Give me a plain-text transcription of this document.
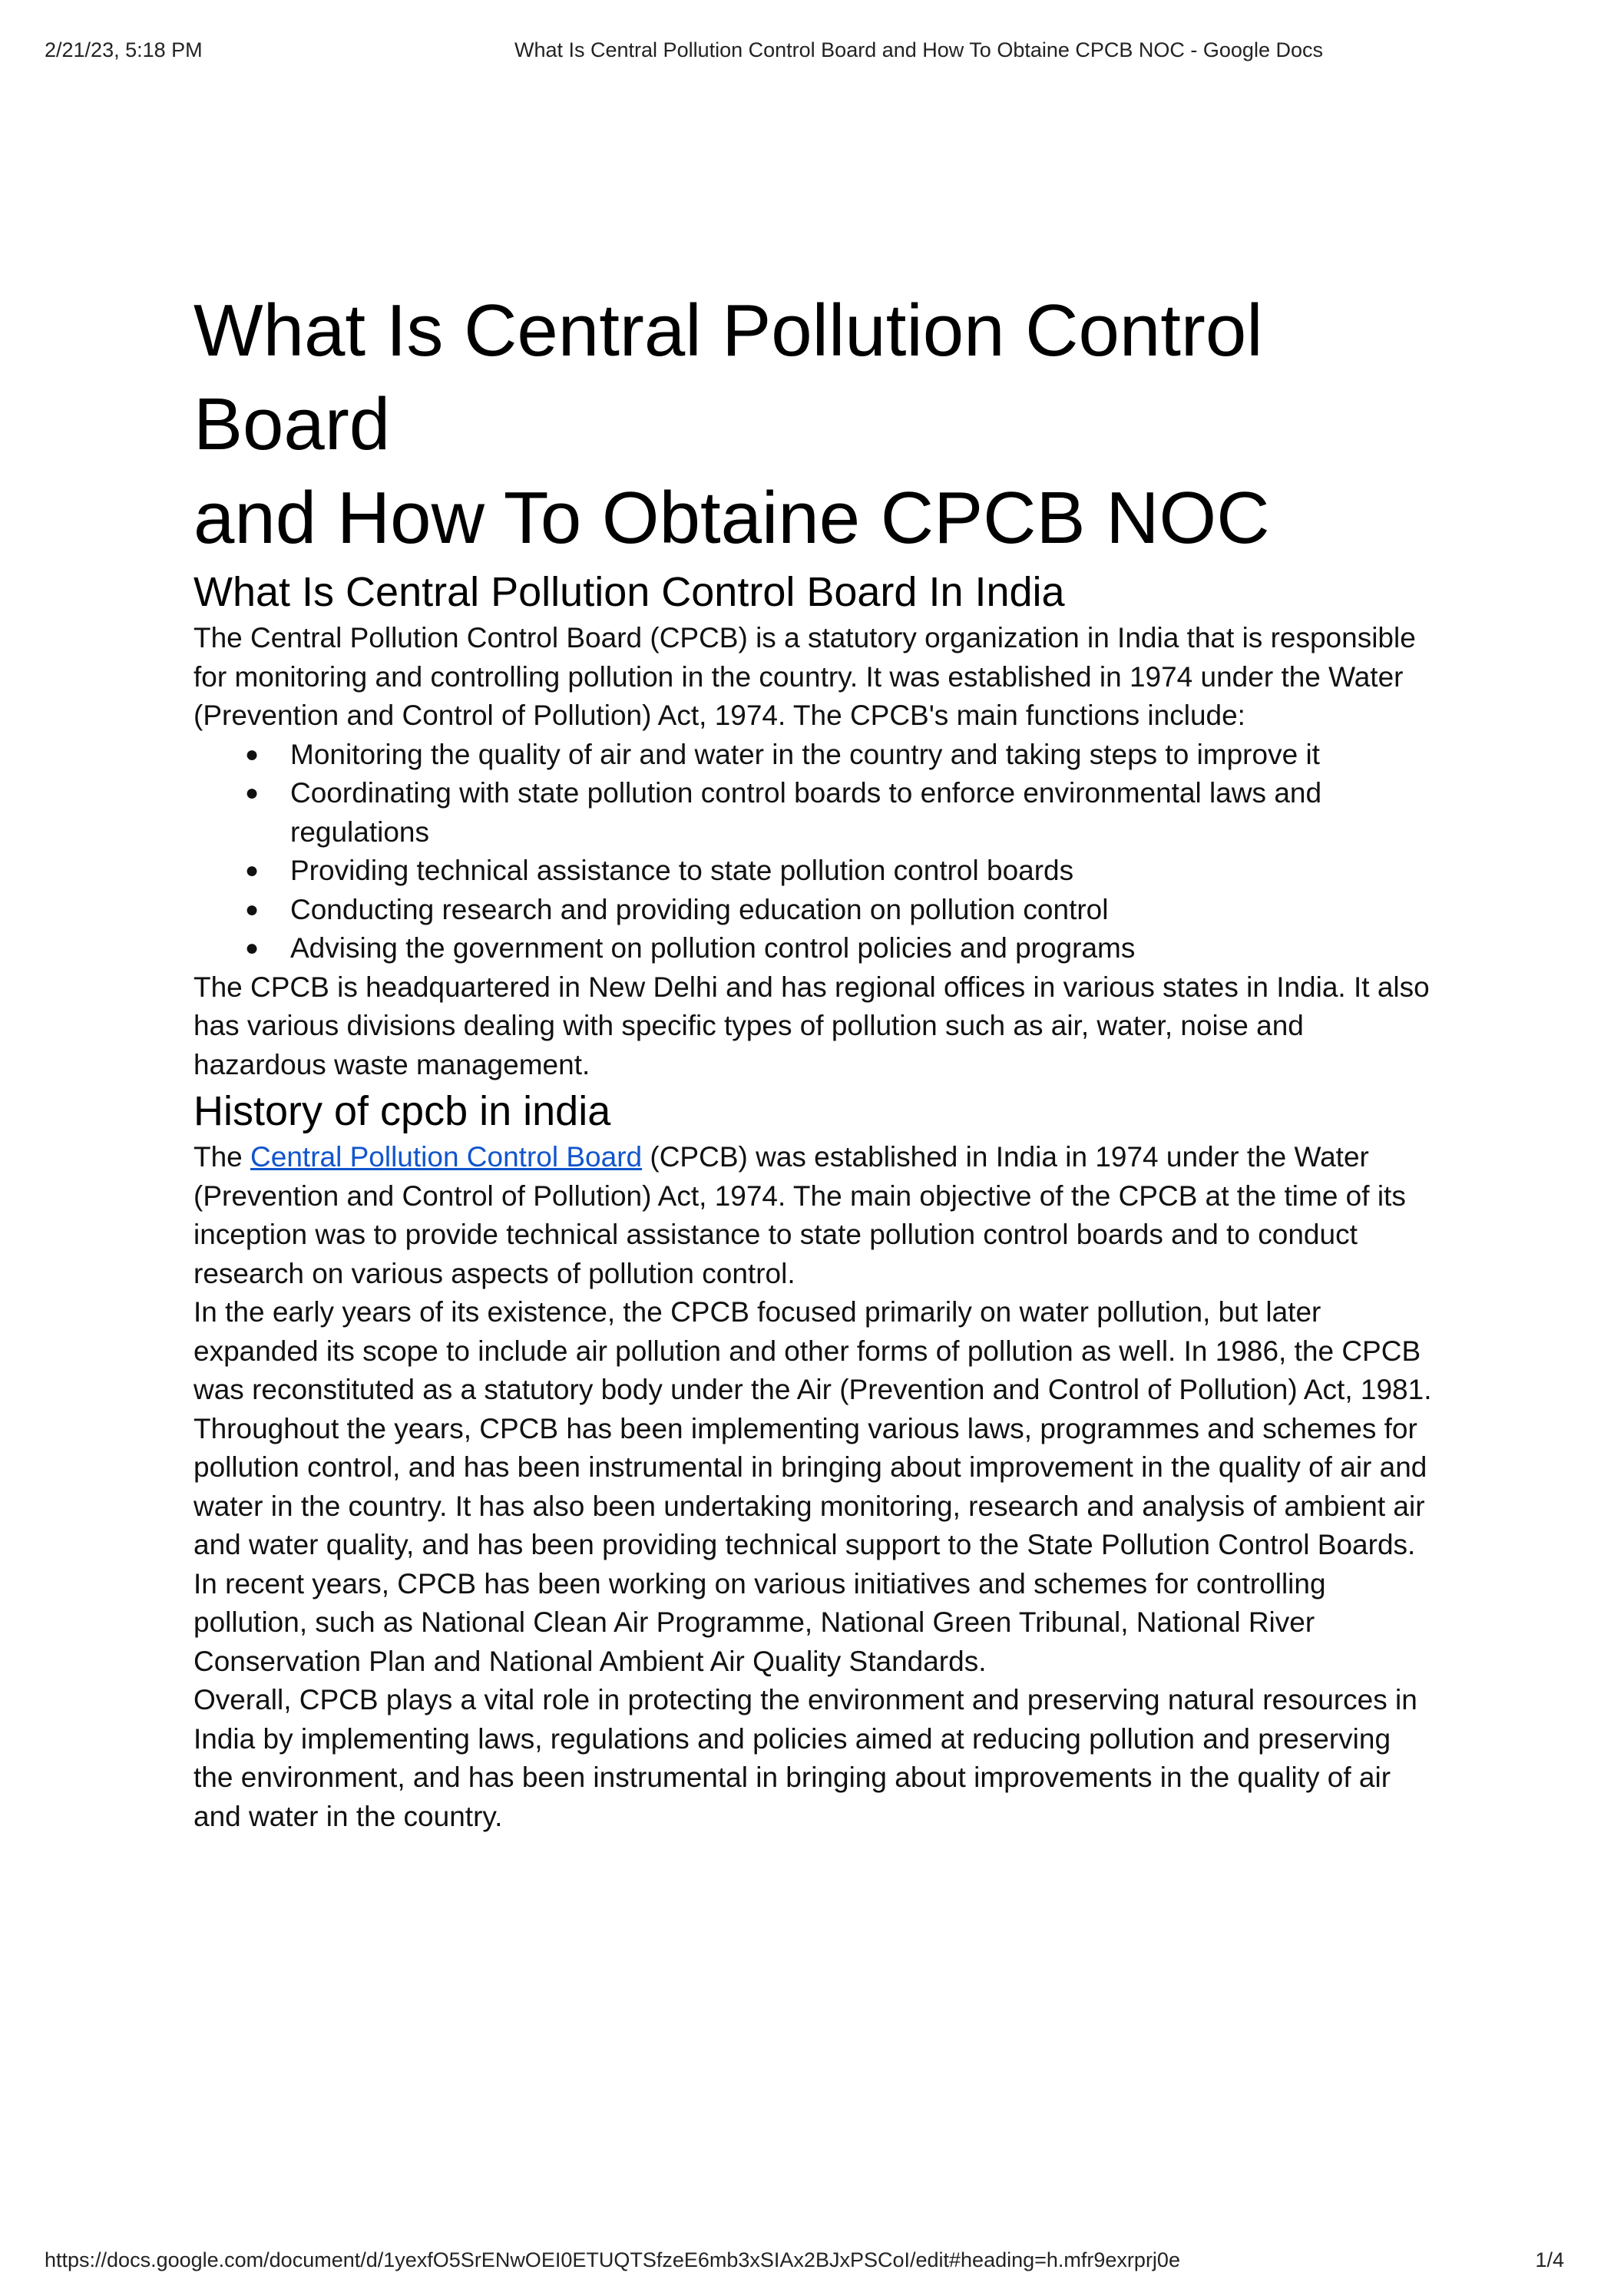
2/21/23, 5:18 PM	What Is Central Pollution Control Board and How To Obtaine CPCB NOC - Google Docs
What Is Central Pollution Control Board
and How To Obtaine CPCB NOC
What Is Central Pollution Control Board In India

The Central Pollution Control Board (CPCB) is a statutory organization in India that is responsible for monitoring and controlling pollution in the country. It was established in 1974 under the Water (Prevention and Control of Pollution) Act, 1974. The CPCB's main functions include:

● Monitoring the quality of air and water in the country and taking steps to improve it
● Coordinating with state pollution control boards to enforce environmental laws and regulations
● Providing technical assistance to state pollution control boards
● Conducting research and providing education on pollution control
● Advising the government on pollution control policies and programs

The CPCB is headquartered in New Delhi and has regional offices in various states in India. It also has various divisions dealing with specific types of pollution such as air, water, noise and hazardous waste management.

History of cpcb in india

The Central Pollution Control Board (CPCB) was established in India in 1974 under the Water (Prevention and Control of Pollution) Act, 1974. The main objective of the CPCB at the time of its inception was to provide technical assistance to state pollution control boards and to conduct research on various aspects of pollution control.

In the early years of its existence, the CPCB focused primarily on water pollution, but later expanded its scope to include air pollution and other forms of pollution as well. In 1986, the CPCB was reconstituted as a statutory body under the Air (Prevention and Control of Pollution) Act, 1981.

Throughout the years, CPCB has been implementing various laws, programmes and schemes for pollution control, and has been instrumental in bringing about improvement in the quality of air and water in the country. It has also been undertaking monitoring, research and analysis of ambient air and water quality, and has been providing technical support to the State Pollution Control Boards.

In recent years, CPCB has been working on various initiatives and schemes for controlling pollution, such as National Clean Air Programme, National Green Tribunal, National River Conservation Plan and National Ambient Air Quality Standards.

Overall, CPCB plays a vital role in protecting the environment and preserving natural resources in India by implementing laws, regulations and policies aimed at reducing pollution and preserving the environment, and has been instrumental in bringing about improvements in the quality of air and water in the country.

https://docs.google.com/document/d/1yexfO5SrENwOEI0ETUQTSfzeE6mb3xSIAx2BJxPSCoI/edit#heading=h.mfr9exrprj0e	1/4
